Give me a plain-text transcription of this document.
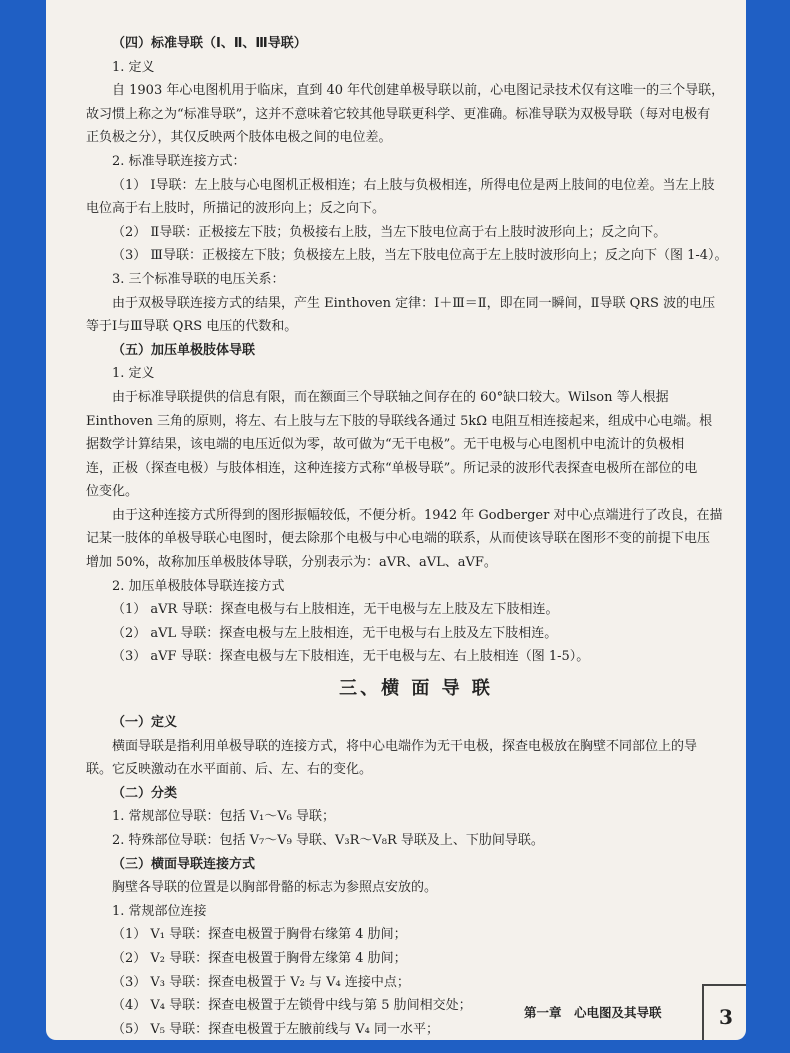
（四）标准导联（Ⅰ、Ⅱ、Ⅲ导联）
1. 定义
自 1903 年心电图机用于临床，直到 40 年代创建单极导联以前，心电图记录技术仅有这唯一的三个导联，
故习惯上称之为“标准导联”，这并不意味着它较其他导联更科学、更准确。标准导联为双极导联（每对电极有
正负极之分），其仅反映两个肢体电极之间的电位差。
2. 标准导联连接方式：
（1） Ⅰ导联：左上肢与心电图机正极相连；右上肢与负极相连，所得电位是两上肢间的电位差。当左上肢
电位高于右上肢时，所描记的波形向上；反之向下。
（2） Ⅱ导联：正极接左下肢；负极接右上肢，当左下肢电位高于右上肢时波形向上；反之向下。
（3） Ⅲ导联：正极接左下肢；负极接左上肢，当左下肢电位高于左上肢时波形向上；反之向下（图 1-4）。
3. 三个标准导联的电压关系：
由于双极导联连接方式的结果，产生 Einthoven 定律：Ⅰ＋Ⅲ＝Ⅱ，即在同一瞬间，Ⅱ导联 QRS 波的电压
等于Ⅰ与Ⅲ导联 QRS 电压的代数和。
（五）加压单极肢体导联
1. 定义
由于标准导联提供的信息有限，而在额面三个导联轴之间存在的 60°缺口较大。Wilson 等人根据
Einthoven 三角的原则，将左、右上肢与左下肢的导联线各通过 5kΩ 电阻互相连接起来，组成中心电端。根
据数学计算结果，该电端的电压近似为零，故可做为“无干电极”。无干电极与心电图机中电流计的负极相
连，正极（探查电极）与肢体相连，这种连接方式称“单极导联”。所记录的波形代表探查电极所在部位的电
位变化。
由于这种连接方式所得到的图形振幅较低，不便分析。1942 年 Godberger 对中心点端进行了改良，在描
记某一肢体的单极导联心电图时，便去除那个电极与中心电端的联系，从而使该导联在图形不变的前提下电压
增加 50%，故称加压单极肢体导联，分别表示为：aVR、aVL、aVF。
2. 加压单极肢体导联连接方式
（1） aVR 导联：探查电极与右上肢相连，无干电极与左上肢及左下肢相连。
（2） aVL 导联：探查电极与左上肢相连，无干电极与右上肢及左下肢相连。
（3） aVF 导联：探查电极与左下肢相连，无干电极与左、右上肢相连（图 1-5）。
三、横 面 导 联
（一）定义
横面导联是指利用单极导联的连接方式，将中心电端作为无干电极，探查电极放在胸壁不同部位上的导
联。它反映激动在水平面前、后、左、右的变化。
（二）分类
1. 常规部位导联：包括 V₁～V₆ 导联；
2. 特殊部位导联：包括 V₇～V₉ 导联、V₃R～V₈R 导联及上、下肋间导联。
（三）横面导联连接方式
胸壁各导联的位置是以胸部骨骼的标志为参照点安放的。
1. 常规部位连接
（1） V₁ 导联：探查电极置于胸骨右缘第 4 肋间；
（2） V₂ 导联：探查电极置于胸骨左缘第 4 肋间；
（3） V₃ 导联：探查电极置于 V₂ 与 V₄ 连接中点；
（4） V₄ 导联：探查电极置于左锁骨中线与第 5 肋间相交处；
（5） V₅ 导联：探查电极置于左腋前线与 V₄ 同一水平；
第一章　心电图及其导联	3
